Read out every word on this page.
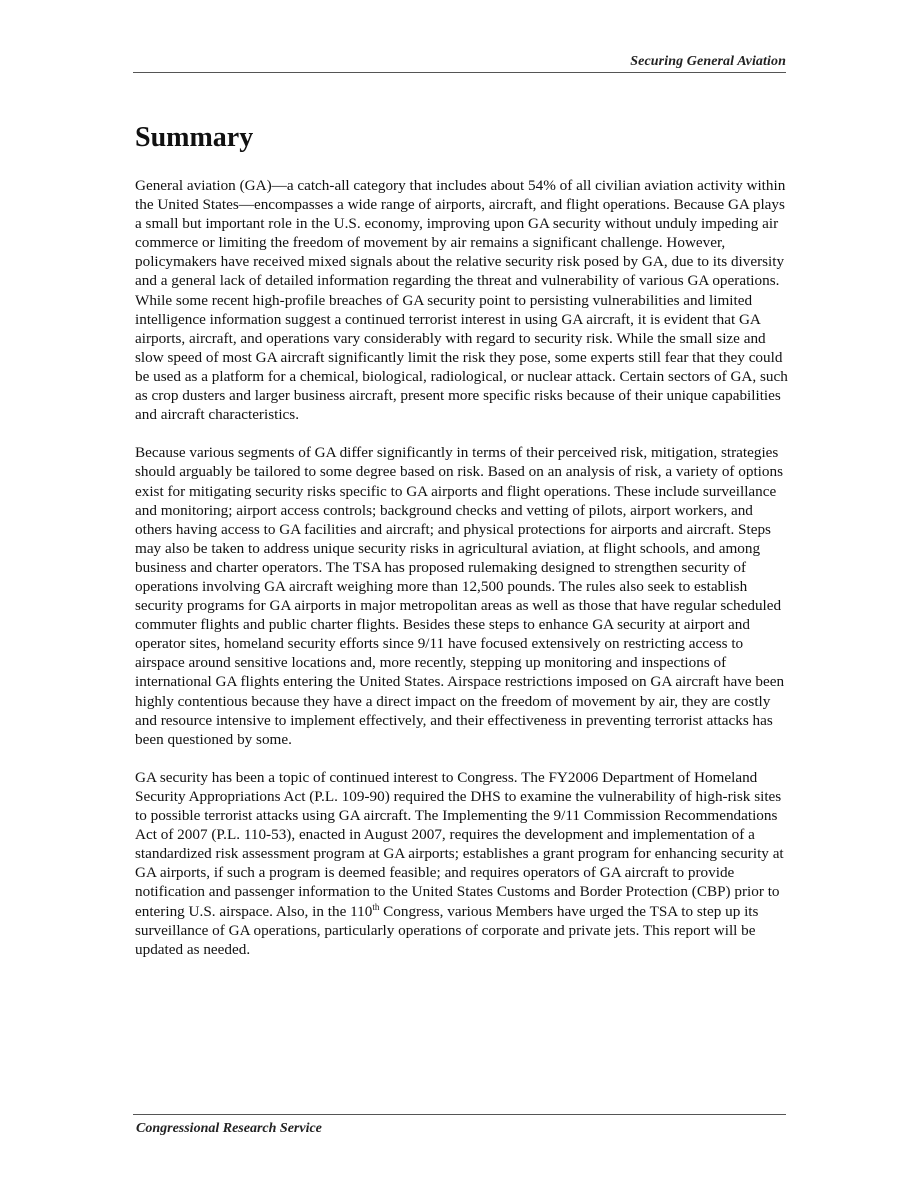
Securing General Aviation
Summary

General aviation (GA)—a catch-all category that includes about 54% of all civilian aviation activity within the United States—encompasses a wide range of airports, aircraft, and flight operations. Because GA plays a small but important role in the U.S. economy, improving upon GA security without unduly impeding air commerce or limiting the freedom of movement by air remains a significant challenge. However, policymakers have received mixed signals about the relative security risk posed by GA, due to its diversity and a general lack of detailed information regarding the threat and vulnerability of various GA operations. While some recent high-profile breaches of GA security point to persisting vulnerabilities and limited intelligence information suggest a continued terrorist interest in using GA aircraft, it is evident that GA airports, aircraft, and operations vary considerably with regard to security risk. While the small size and slow speed of most GA aircraft significantly limit the risk they pose, some experts still fear that they could be used as a platform for a chemical, biological, radiological, or nuclear attack. Certain sectors of GA, such as crop dusters and larger business aircraft, present more specific risks because of their unique capabilities and aircraft characteristics.

Because various segments of GA differ significantly in terms of their perceived risk, mitigation, strategies should arguably be tailored to some degree based on risk. Based on an analysis of risk, a variety of options exist for mitigating security risks specific to GA airports and flight operations. These include surveillance and monitoring; airport access controls; background checks and vetting of pilots, airport workers, and others having access to GA facilities and aircraft; and physical protections for airports and aircraft. Steps may also be taken to address unique security risks in agricultural aviation, at flight schools, and among business and charter operators. The TSA has proposed rulemaking designed to strengthen security of operations involving GA aircraft weighing more than 12,500 pounds. The rules also seek to establish security programs for GA airports in major metropolitan areas as well as those that have regular scheduled commuter flights and public charter flights. Besides these steps to enhance GA security at airport and operator sites, homeland security efforts since 9/11 have focused extensively on restricting access to airspace around sensitive locations and, more recently, stepping up monitoring and inspections of international GA flights entering the United States. Airspace restrictions imposed on GA aircraft have been highly contentious because they have a direct impact on the freedom of movement by air, they are costly and resource intensive to implement effectively, and their effectiveness in preventing terrorist attacks has been questioned by some.

GA security has been a topic of continued interest to Congress. The FY2006 Department of Homeland Security Appropriations Act (P.L. 109-90) required the DHS to examine the vulnerability of high-risk sites to possible terrorist attacks using GA aircraft. The Implementing the 9/11 Commission Recommendations Act of 2007 (P.L. 110-53), enacted in August 2007, requires the development and implementation of a standardized risk assessment program at GA airports; establishes a grant program for enhancing security at GA airports, if such a program is deemed feasible; and requires operators of GA aircraft to provide notification and passenger information to the United States Customs and Border Protection (CBP) prior to entering U.S. airspace. Also, in the 110th Congress, various Members have urged the TSA to step up its surveillance of GA operations, particularly operations of corporate and private jets. This report will be updated as needed.

Congressional Research Service
